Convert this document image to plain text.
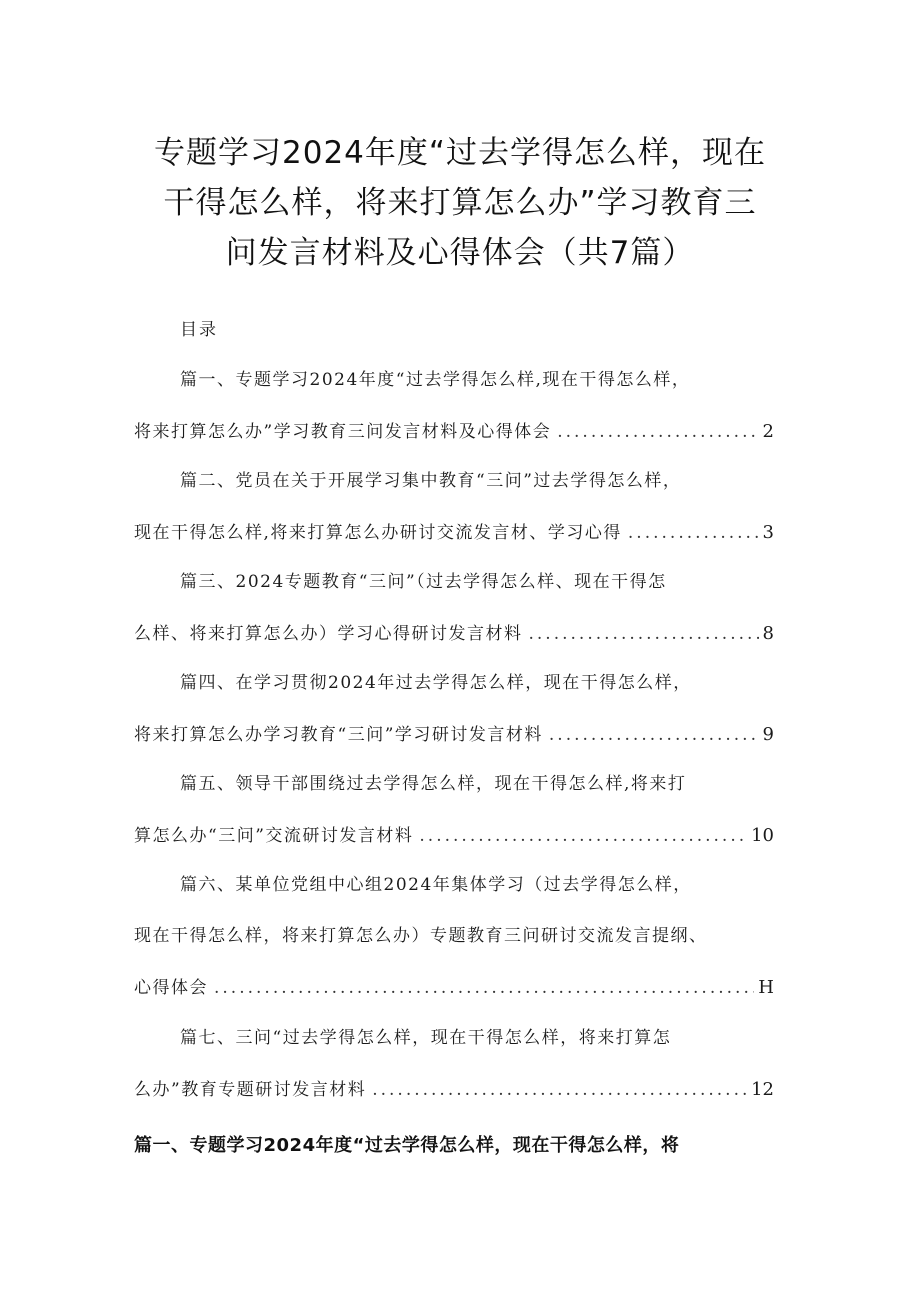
专题学习2024年度“过去学得怎么样，现在
干得怎么样，将来打算怎么办”学习教育三
问发言材料及心得体会（共7篇）
目录
篇一、专题学习2024年度“过去学得怎么样,现在干得怎么样，
将来打算怎么办”学习教育三问发言材料及心得体会 .....	2
篇二、党员在关于开展学习集中教育“三问”过去学得怎么样，
现在干得怎么样,将来打算怎么办研讨交流发言材、学习心得 .....	3
篇三、2024专题教育“三问”（过去学得怎么样、现在干得怎
么样、将来打算怎么办）学习心得研讨发言材料 .....	8
篇四、在学习贯彻2024年过去学得怎么样，现在干得怎么样，
将来打算怎么办学习教育“三问”学习研讨发言材料 .....	9
篇五、领导干部围绕过去学得怎么样，现在干得怎么样,将来打
算怎么办“三问”交流研讨发言材料 .....	10
篇六、某单位党组中心组2024年集体学习（过去学得怎么样，
现在干得怎么样，将来打算怎么办）专题教育三问研讨交流发言提纲、
心得体会 .....	H
篇七、三问“过去学得怎么样，现在干得怎么样，将来打算怎
么办”教育专题研讨发言材料 .....	12
篇一、专题学习2024年度“过去学得怎么样，现在干得怎么样，将
